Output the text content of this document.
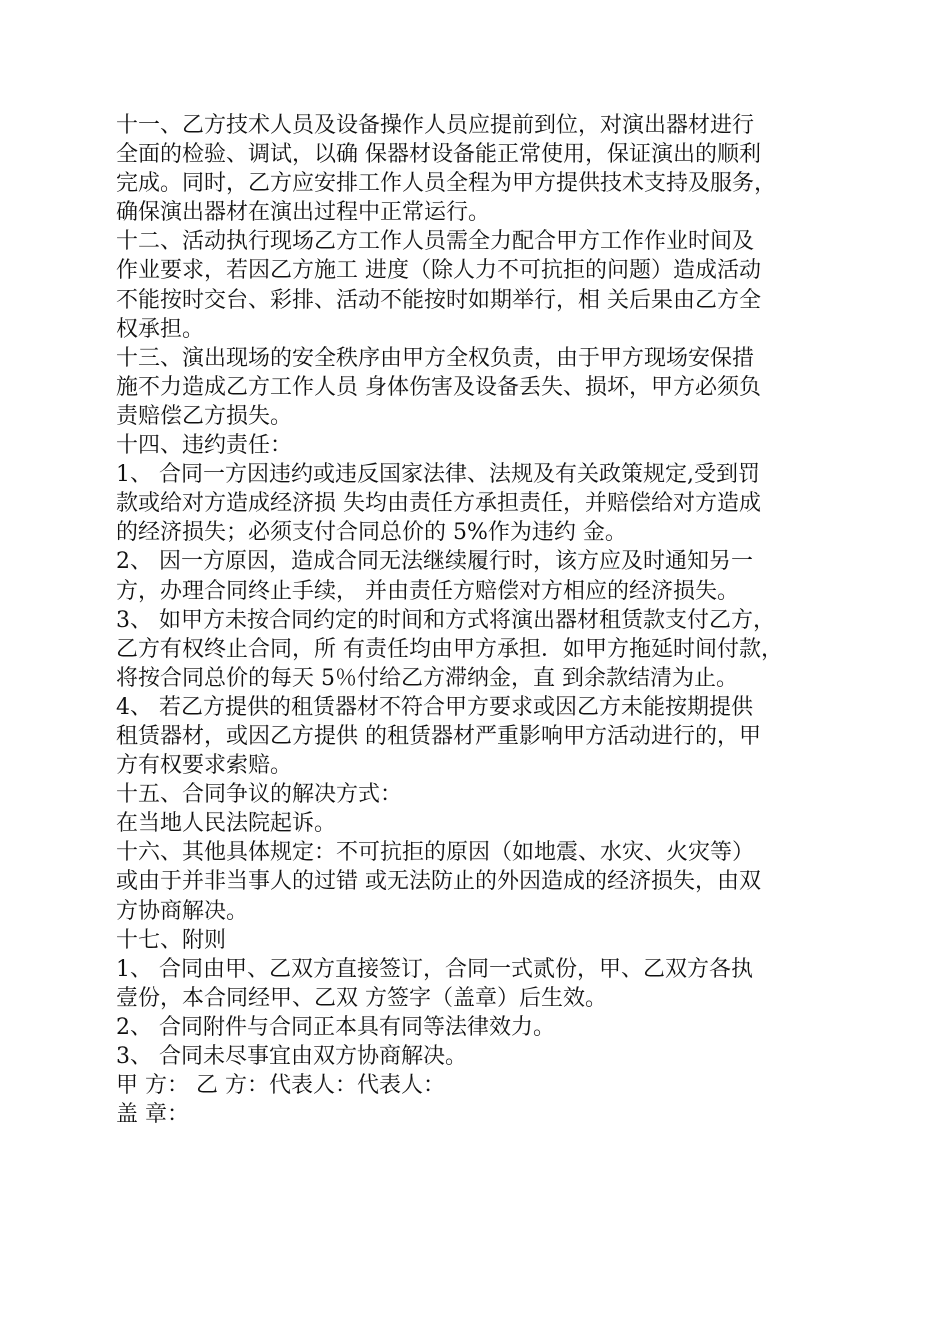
十一、乙方技术人员及设备操作人员应提前到位，对演出器材进行
全面的检验、调试，以确 保器材设备能正常使用，保证演出的顺利
完成。同时，乙方应安排工作人员全程为甲方提供技术支持及服务，
确保演出器材在演出过程中正常运行。
十二、活动执行现场乙方工作人员需全力配合甲方工作作业时间及
作业要求，若因乙方施工 进度（除人力不可抗拒的问题）造成活动
不能按时交台、彩排、活动不能按时如期举行，相 关后果由乙方全
权承担。
十三、演出现场的安全秩序由甲方全权负责，由于甲方现场安保措
施不力造成乙方工作人员 身体伤害及设备丢失、损坏，甲方必须负
责赔偿乙方损失。
十四、违约责任：
1、 合同一方因违约或违反国家法律、法规及有关政策规定,受到罚
款或给对方造成经济损 失均由责任方承担责任，并赔偿给对方造成
的经济损失；必须支付合同总价的 5%作为违约 金。
2、 因一方原因，造成合同无法继续履行时，该方应及时通知另一
方，办理合同终止手续， 并由责任方赔偿对方相应的经济损失。
3、 如甲方未按合同约定的时间和方式将演出器材租赁款支付乙方，
乙方有权终止合同，所 有责任均由甲方承担．如甲方拖延时间付款，
将按合同总价的每天 5％付给乙方滞纳金，直 到余款结清为止。
4、 若乙方提供的租赁器材不符合甲方要求或因乙方未能按期提供
租赁器材，或因乙方提供 的租赁器材严重影响甲方活动进行的，甲
方有权要求索赔。
十五、合同争议的解决方式：
在当地人民法院起诉。
十六、其他具体规定：不可抗拒的原因（如地震、水灾、火灾等）
或由于并非当事人的过错 或无法防止的外因造成的经济损失，由双
方协商解决。
十七、附则
1、 合同由甲、乙双方直接签订，合同一式贰份，甲、乙双方各执
壹份，本合同经甲、乙双 方签字（盖章）后生效。
2、 合同附件与合同正本具有同等法律效力。
3、 合同未尽事宜由双方协商解决。
甲 方： 乙 方：代表人：代表人：
盖 章：
